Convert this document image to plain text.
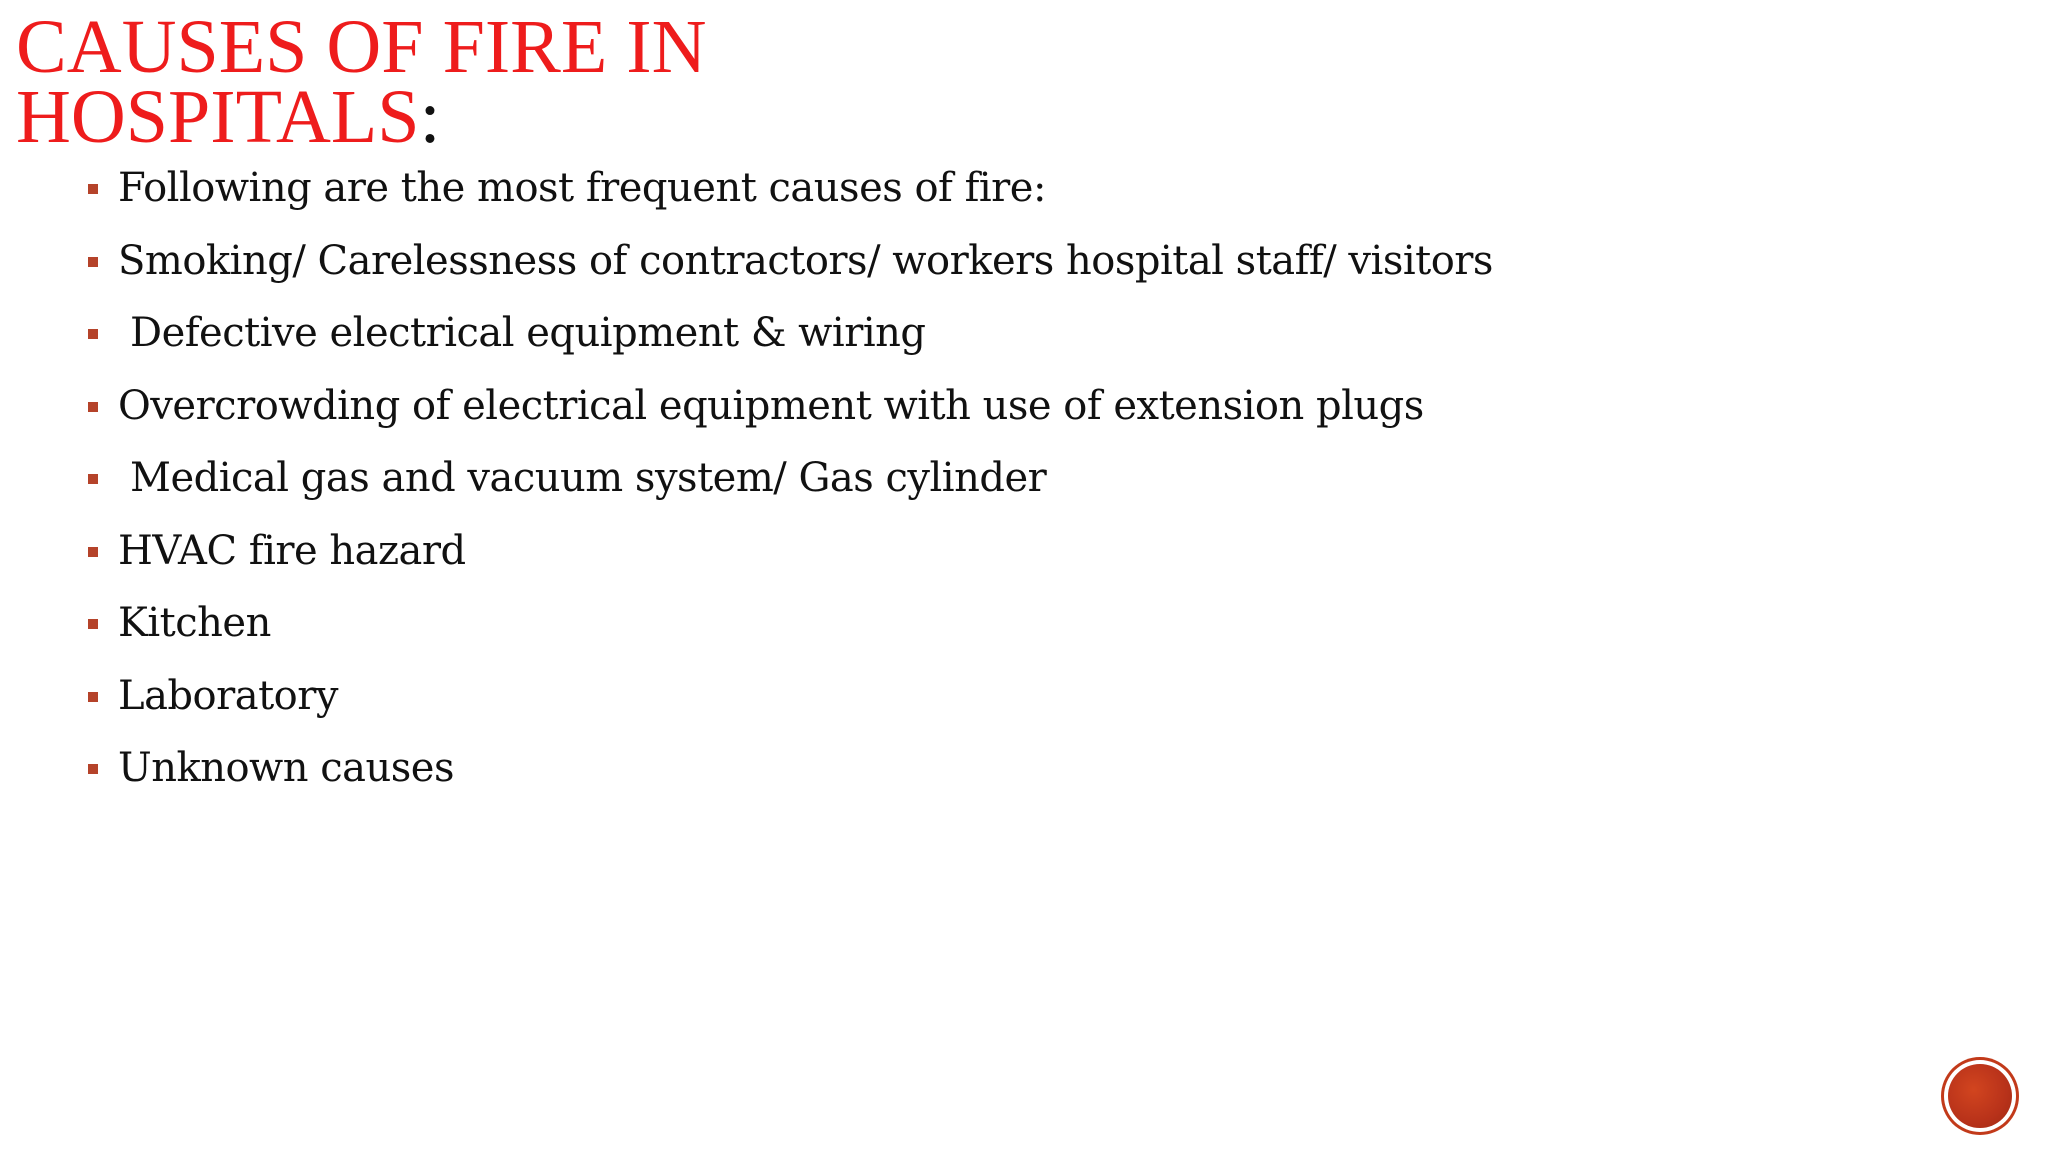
CAUSES OF FIRE IN
HOSPITALS:
Following are the most frequent causes of fire:
Smoking/ Carelessness of contractors/ workers hospital staff/ visitors
Defective electrical equipment & wiring
Overcrowding of electrical equipment with use of extension plugs
Medical gas and vacuum system/ Gas cylinder
HVAC fire hazard
Kitchen
Laboratory
Unknown causes
